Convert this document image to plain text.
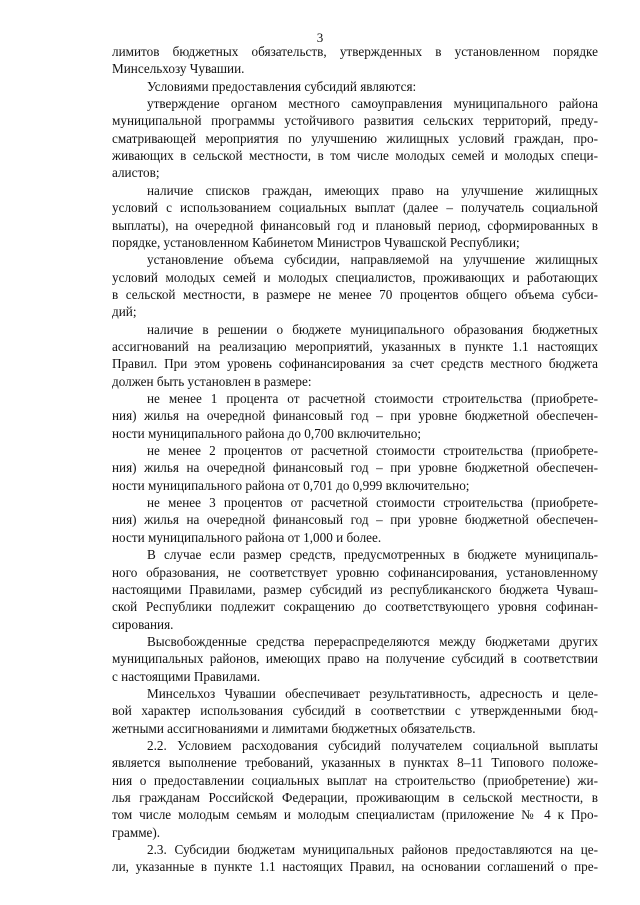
3
лимитов бюджетных обязательств, утвержденных в установленном порядке
Минсельхозу Чувашии.
Условиями предоставления субсидий являются:
утверждение органом местного самоуправления муниципального района
муниципальной программы устойчивого развития сельских территорий, преду-
сматривающей мероприятия по улучшению жилищных условий граждан, про-
живающих в сельской местности, в том числе молодых семей и молодых специ-
алистов;
наличие списков граждан, имеющих право на улучшение жилищных
условий с использованием социальных выплат (далее – получатель социальной
выплаты), на очередной финансовый год и плановый период, сформированных в
порядке, установленном Кабинетом Министров Чувашской Республики;
установление объема субсидии, направляемой на улучшение жилищных
условий молодых семей и молодых специалистов, проживающих и работающих
в сельской местности, в размере не менее 70 процентов общего объема субси-
дий;
наличие в решении о бюджете муниципального образования бюджетных
ассигнований на реализацию мероприятий, указанных в пункте 1.1 настоящих
Правил. При этом уровень софинансирования за счет средств местного бюджета
должен быть установлен в размере:
не менее 1 процента от расчетной стоимости строительства (приобрете-
ния) жилья на очередной финансовый год – при уровне бюджетной обеспечен-
ности муниципального района до 0,700 включительно;
не менее 2 процентов от расчетной стоимости строительства (приобрете-
ния) жилья на очередной финансовый год – при уровне бюджетной обеспечен-
ности муниципального района от 0,701 до 0,999 включительно;
не менее 3 процентов от расчетной стоимости строительства (приобрете-
ния) жилья на очередной финансовый год – при уровне бюджетной обеспечен-
ности муниципального района от 1,000 и более.
В случае если размер средств, предусмотренных в бюджете муниципаль-
ного образования, не соответствует уровню софинансирования, установленному
настоящими Правилами, размер субсидий из республиканского бюджета Чуваш-
ской Республики подлежит сокращению до соответствующего уровня софинан-
сирования.
Высвобожденные средства перераспределяются между бюджетами других
муниципальных районов, имеющих право на получение субсидий в соответствии
с настоящими Правилами.
Минсельхоз Чувашии обеспечивает результативность, адресность и целе-
вой характер использования субсидий в соответствии с утвержденными бюд-
жетными ассигнованиями и лимитами бюджетных обязательств.
2.2. Условием расходования субсидий получателем социальной выплаты
является выполнение требований, указанных в пунктах 8–11 Типового положе-
ния о предоставлении социальных выплат на строительство (приобретение) жи-
лья гражданам Российской Федерации, проживающим в сельской местности, в
том числе молодым семьям и молодым специалистам (приложение № 4 к Про-
грамме).
2.3. Субсидии бюджетам муниципальных районов предоставляются на це-
ли, указанные в пункте 1.1 настоящих Правил, на основании соглашений о пре-
